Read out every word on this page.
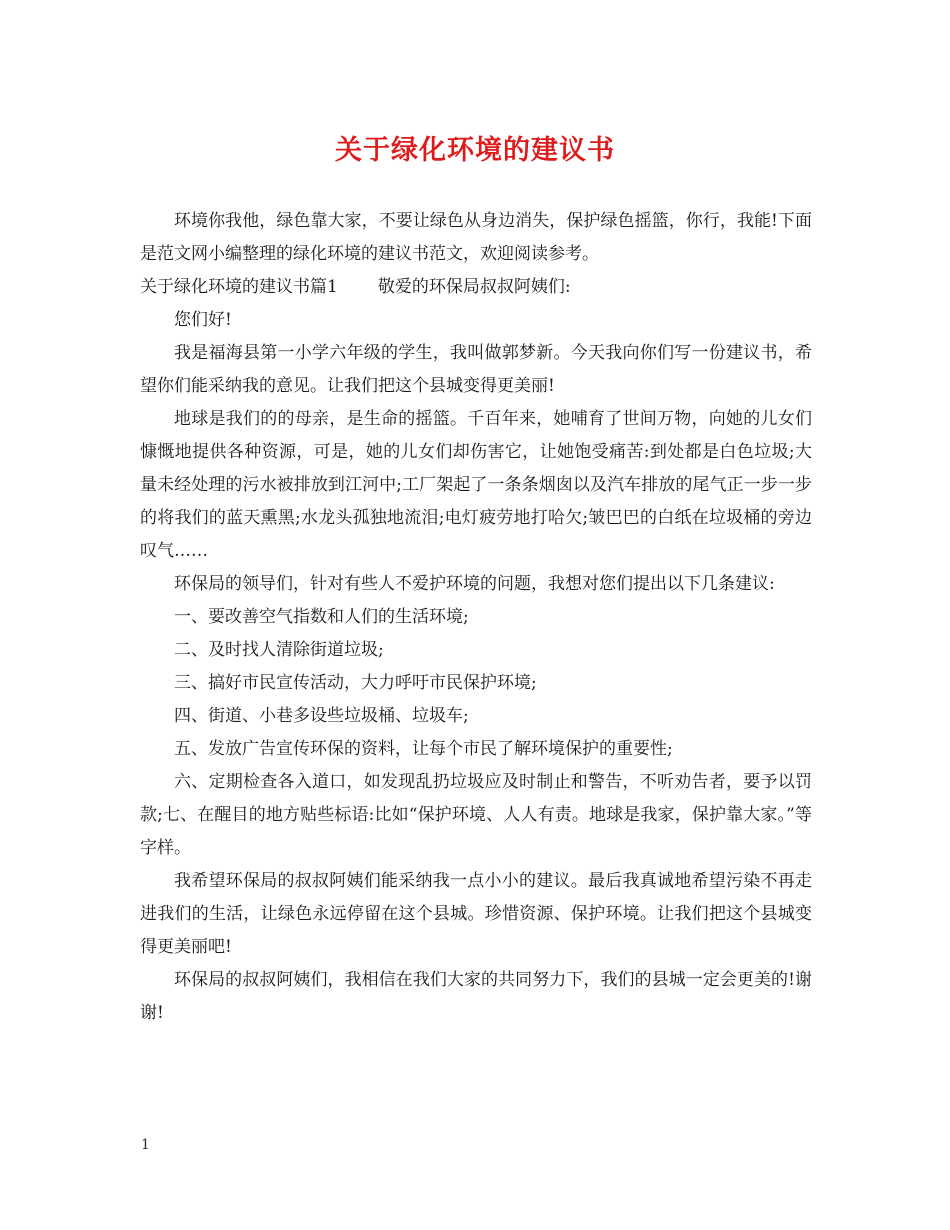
关于绿化环境的建议书

环境你我他，绿色靠大家，不要让绿色从身边消失，保护绿色摇篮，你行，我能!下面是范文网小编整理的绿化环境的建议书范文，欢迎阅读参考。

关于绿化环境的建议书篇1 敬爱的环保局叔叔阿姨们:

您们好!

我是福海县第一小学六年级的学生，我叫做郭梦新。今天我向你们写一份建议书，希望你们能采纳我的意见。让我们把这个县城变得更美丽!

地球是我们的的母亲，是生命的摇篮。千百年来，她哺育了世间万物，向她的儿女们慷慨地提供各种资源，可是，她的儿女们却伤害它，让她饱受痛苦:到处都是白色垃圾;大量未经处理的污水被排放到江河中;工厂架起了一条条烟囱以及汽车排放的尾气正一步一步的将我们的蓝天熏黑;水龙头孤独地流泪;电灯疲劳地打哈欠;皱巴巴的白纸在垃圾桶的旁边叹气……

环保局的领导们，针对有些人不爱护环境的问题，我想对您们提出以下几条建议:

一、要改善空气指数和人们的生活环境;

二、及时找人清除街道垃圾;

三、搞好市民宣传活动，大力呼吁市民保护环境;

四、街道、小巷多设些垃圾桶、垃圾车;

五、发放广告宣传环保的资料，让每个市民了解环境保护的重要性;

六、定期检查各入道口，如发现乱扔垃圾应及时制止和警告，不听劝告者，要予以罚款;七、在醒目的地方贴些标语:比如“保护环境、人人有责。地球是我家，保护靠大家。”等字样。

我希望环保局的叔叔阿姨们能采纳我一点小小的建议。最后我真诚地希望污染不再走进我们的生活，让绿色永远停留在这个县城。珍惜资源、保护环境。让我们把这个县城变得更美丽吧!

环保局的叔叔阿姨们，我相信在我们大家的共同努力下，我们的县城一定会更美的!谢谢!

1
